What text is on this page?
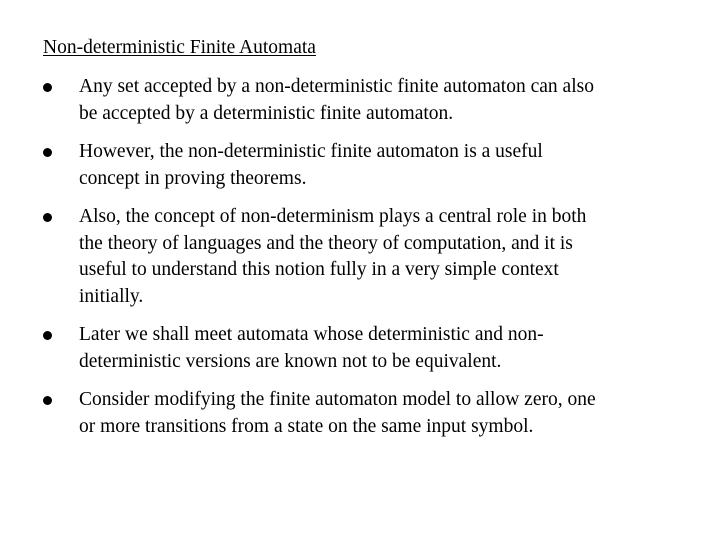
Non-deterministic Finite Automata
Any set accepted by a non-deterministic finite automaton can also
be accepted by a deterministic finite automaton.
However, the non-deterministic finite automaton is a useful
concept in proving theorems.
Also, the concept of non-determinism plays a central role in both
the theory of languages and the theory of computation, and it is
useful to understand this notion fully in a very simple context
initially.
Later we shall meet automata whose deterministic and non-
deterministic versions are known not to be equivalent.
Consider modifying the finite automaton model to allow zero, one
or more transitions from a state on the same input symbol.
